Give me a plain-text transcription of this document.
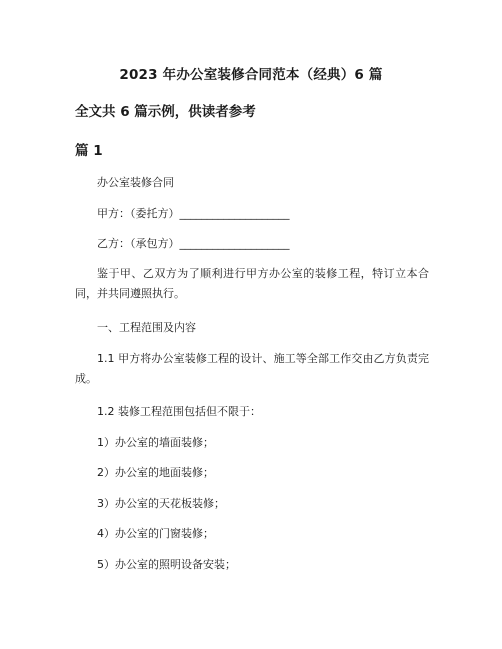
2023 年办公室装修合同范本（经典）6 篇
全文共 6 篇示例，供读者参考
篇 1
办公室装修合同
甲方：（委托方）____________________
乙方：（承包方）____________________
鉴于甲、乙双方为了顺利进行甲方办公室的装修工程，特订立本合同，并共同遵照执行。
一、工程范围及内容
1.1 甲方将办公室装修工程的设计、施工等全部工作交由乙方负责完成。
1.2 装修工程范围包括但不限于：
1）办公室的墙面装修；
2）办公室的地面装修；
3）办公室的天花板装修；
4）办公室的门窗装修；
5）办公室的照明设备安装；
